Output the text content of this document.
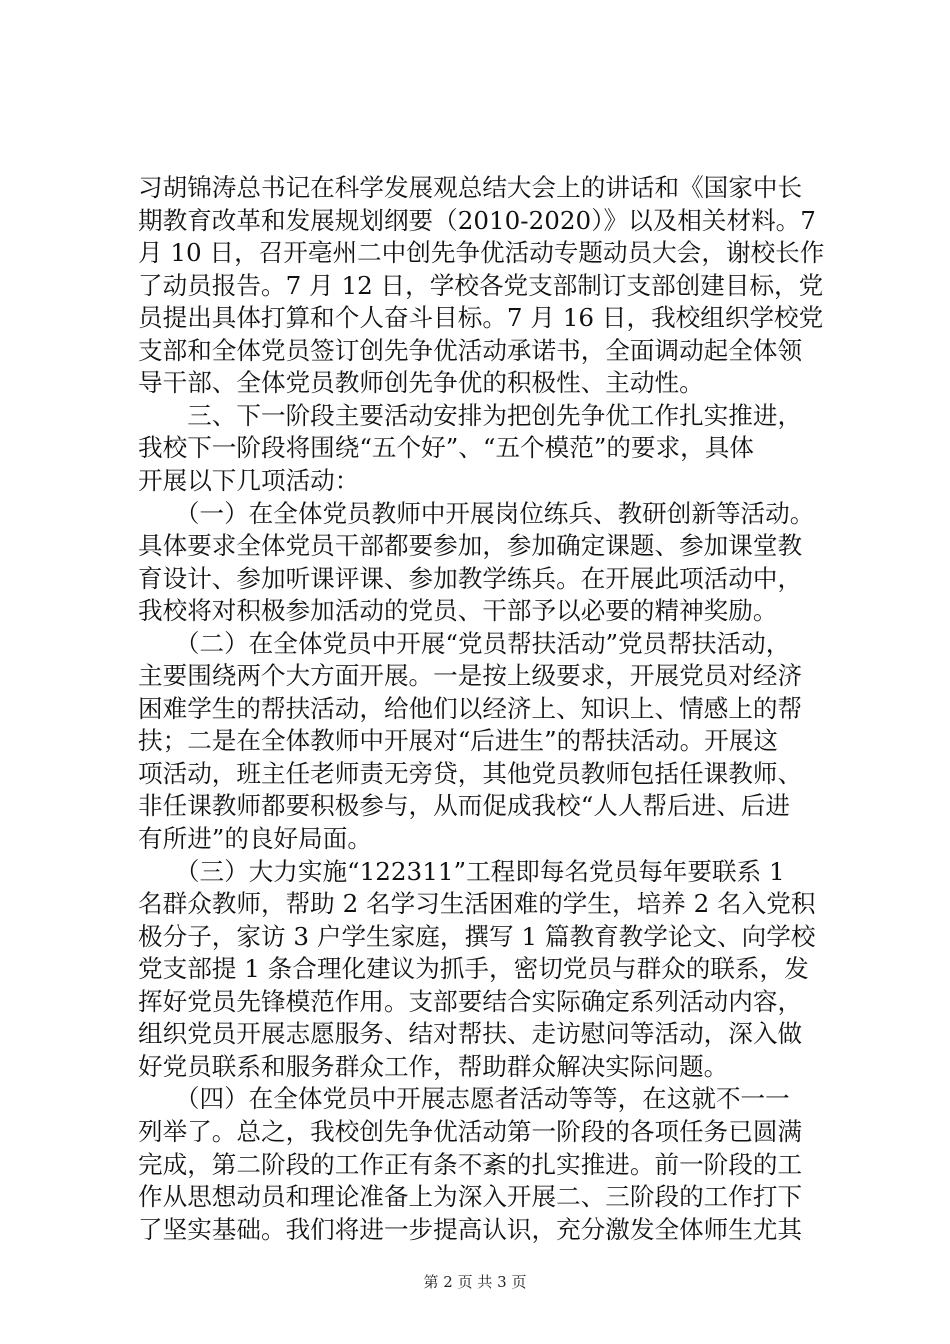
习胡锦涛总书记在科学发展观总结大会上的讲话和《国家中长
期教育改革和发展规划纲要（2010-2020）》以及相关材料。7
月 10 日，召开亳州二中创先争优活动专题动员大会，谢校长作
了动员报告。7 月 12 日，学校各党支部制订支部创建目标，党
员提出具体打算和个人奋斗目标。7 月 16 日，我校组织学校党
支部和全体党员签订创先争优活动承诺书，全面调动起全体领
导干部、全体党员教师创先争优的积极性、主动性。
　　三、下一阶段主要活动安排为把创先争优工作扎实推进，
我校下一阶段将围绕“五个好”、“五个模范”的要求，具体
开展以下几项活动：
　　（一）在全体党员教师中开展岗位练兵、教研创新等活动。
具体要求全体党员干部都要参加，参加确定课题、参加课堂教
育设计、参加听课评课、参加教学练兵。在开展此项活动中，
我校将对积极参加活动的党员、干部予以必要的精神奖励。
　　（二）在全体党员中开展“党员帮扶活动”党员帮扶活动，
主要围绕两个大方面开展。一是按上级要求，开展党员对经济
困难学生的帮扶活动，给他们以经济上、知识上、情感上的帮
扶；二是在全体教师中开展对“后进生”的帮扶活动。开展这
项活动，班主任老师责无旁贷，其他党员教师包括任课教师、
非任课教师都要积极参与，从而促成我校“人人帮后进、后进
有所进”的良好局面。
　　（三）大力实施“122311”工程即每名党员每年要联系 1
名群众教师，帮助 2 名学习生活困难的学生，培养 2 名入党积
极分子，家访 3 户学生家庭，撰写 1 篇教育教学论文、向学校
党支部提 1 条合理化建议为抓手，密切党员与群众的联系，发
挥好党员先锋模范作用。支部要结合实际确定系列活动内容，
组织党员开展志愿服务、结对帮扶、走访慰问等活动，深入做
好党员联系和服务群众工作，帮助群众解决实际问题。
　　（四）在全体党员中开展志愿者活动等等，在这就不一一
列举了。总之，我校创先争优活动第一阶段的各项任务已圆满
完成，第二阶段的工作正有条不紊的扎实推进。前一阶段的工
作从思想动员和理论准备上为深入开展二、三阶段的工作打下
了坚实基础。我们将进一步提高认识，充分激发全体师生尤其
第 2 页 共 3 页
